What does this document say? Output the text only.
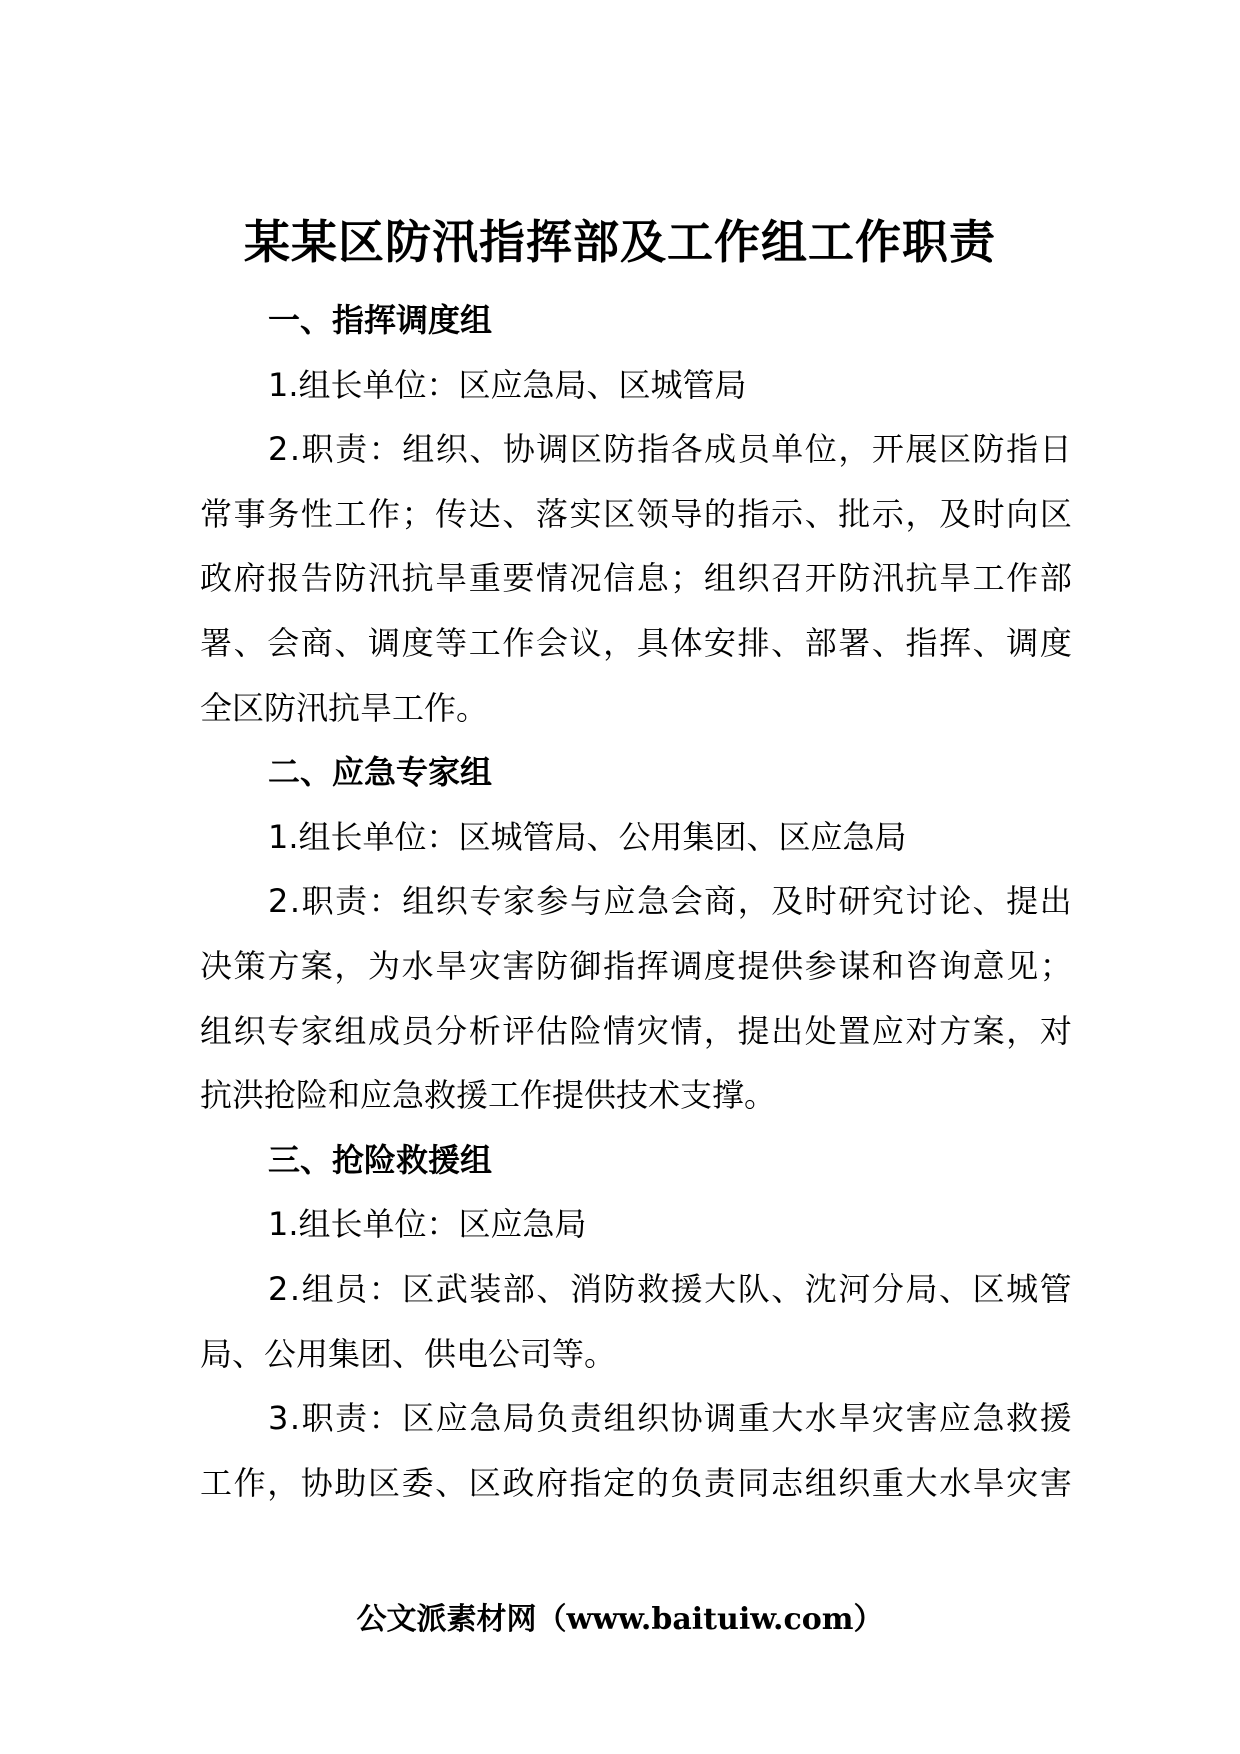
某某区防汛指挥部及工作组工作职责

一、指挥调度组

1.组长单位：区应急局、区城管局

2 . 职 责 ： 组 织 、 协 调 区 防 指 各 成 员 单 位 ， 开 展 区 防 指 日

常 事 务 性 工 作 ； 传 达 、 落 实 区 领 导 的 指 示 、 批 示 ， 及 时 向 区

政 府 报 告 防 汛 抗 旱 重 要 情 况 信 息 ； 组 织 召 开 防 汛 抗 旱 工 作 部

署 、 会 商 、 调 度 等 工 作 会 议 ， 具 体 安 排 、 部 署 、 指 挥 、 调 度

全区防汛抗旱工作。

二、应急专家组

1.组长单位：区城管局、公用集团、区应急局

2 . 职 责 ： 组 织 专 家 参 与 应 急 会 商 ， 及 时 研 究 讨 论 、 提 出

决 策 方 案 ， 为 水 旱 灾 害 防 御 指 挥 调 度 提 供 参 谋 和 咨 询 意 见 ；

组 织 专 家 组 成 员 分 析 评 估 险 情 灾 情 ， 提 出 处 置 应 对 方 案 ， 对

抗洪抢险和应急救援工作提供技术支撑。

三、抢险救援组

1.组长单位：区应急局

2 . 组 员 ： 区 武 装 部 、 消 防 救 援 大 队 、 沈 河 分 局 、 区 城 管

局、公用集团、供电公司等。

3 . 职 责 ： 区 应 急 局 负 责 组 织 协 调 重 大 水 旱 灾 害 应 急 救 援

工 作 ， 协 助 区 委 、 区 政 府 指 定 的 负 责 同 志 组 织 重 大 水 旱 灾 害

公文派素材网（www.baituiw.com）
